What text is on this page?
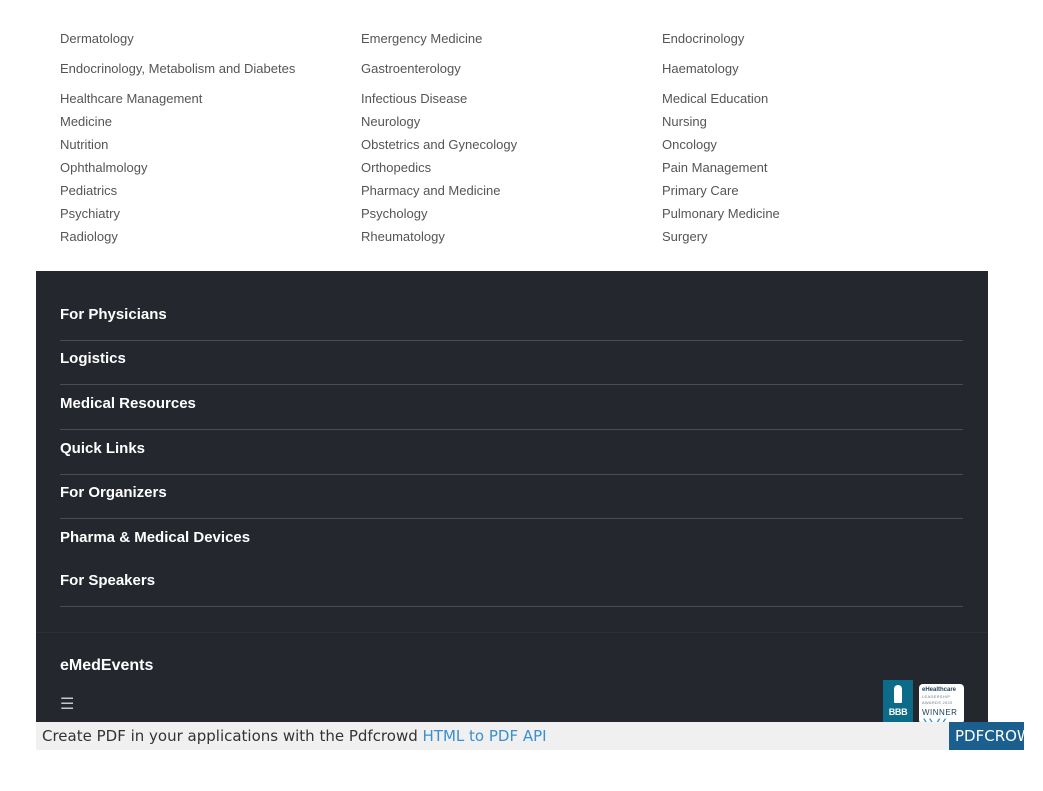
Dermatology	Emergency Medicine	Endocrinology
Endocrinology, Metabolism and Diabetes	Gastroenterology	Haematology
Healthcare Management	Infectious Disease	Medical Education
Medicine	Neurology	Nursing
Nutrition	Obstetrics and Gynecology	Oncology
Ophthalmology	Orthopedics	Pain Management
Pediatrics	Pharmacy and Medicine	Primary Care
Psychiatry	Psychology	Pulmonary Medicine
Radiology	Rheumatology	Surgery
For Physicians
Logistics
Medical Resources
Quick Links
For Organizers
Pharma & Medical Devices
For Speakers
eMedEvents
☰	BBB
eHealthcare
LEADERSHIP
AWARDS 2020
WINNER
Create PDF in your applications with the Pdfcrowd HTML to PDF API	PDFCROWD
